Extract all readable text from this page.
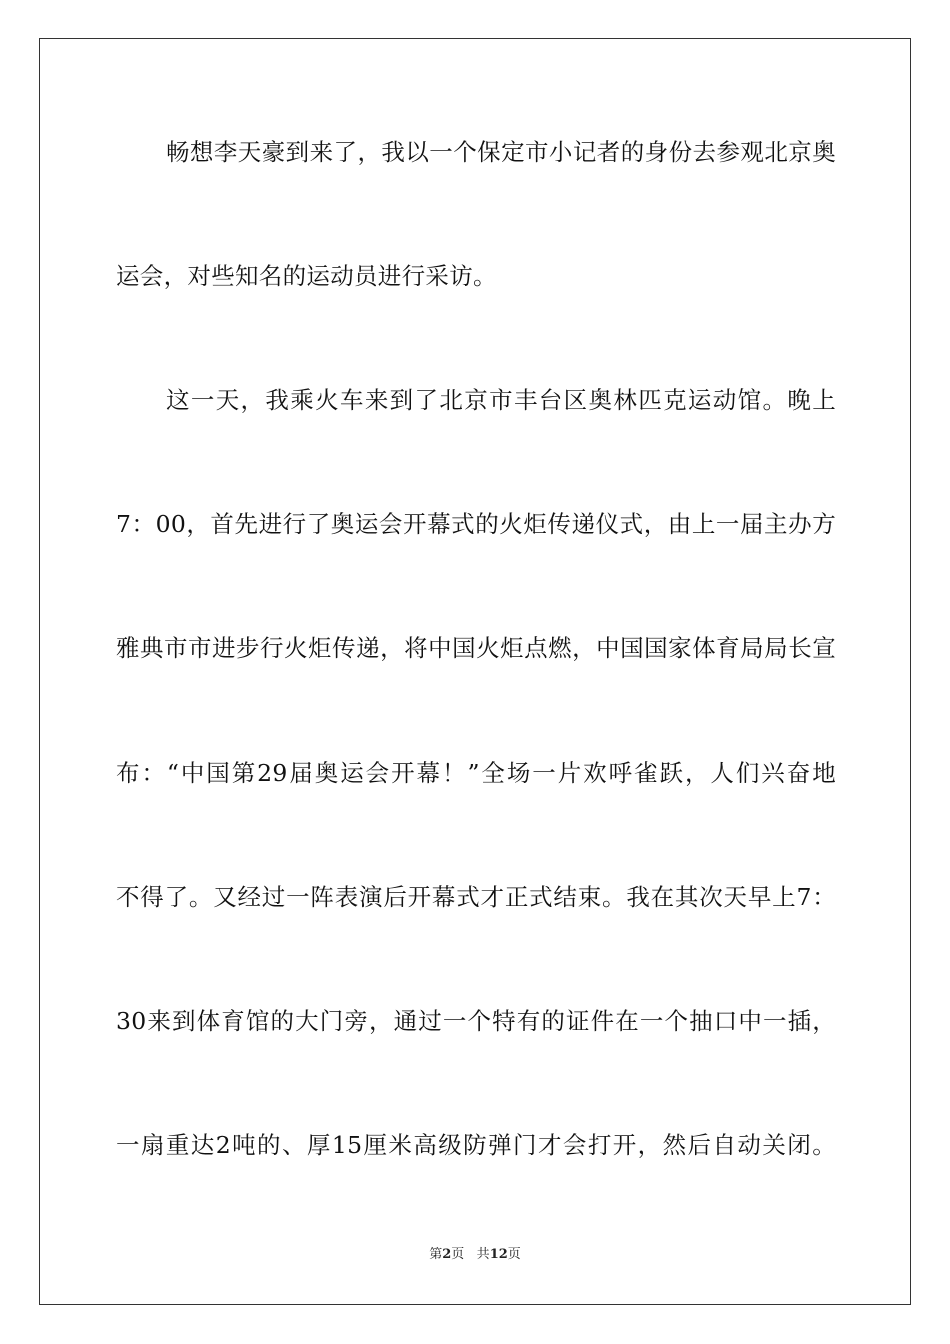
畅想李天豪到来了，我以一个保定市小记者的身份去参观北京奥
运会，对些知名的运动员进行采访。
这一天，我乘火车来到了北京市丰台区奥林匹克运动馆。晚上
7：00，首先进行了奥运会开幕式的火炬传递仪式，由上一届主办方
雅典市市进步行火炬传递，将中国火炬点燃，中国国家体育局局长宣
布：“中国第29届奥运会开幕！”全场一片欢呼雀跃，人们兴奋地
不得了。又经过一阵表演后开幕式才正式结束。我在其次天早上7：
30来到体育馆的大门旁，通过一个特有的证件在一个抽口中一插，
一扇重达2吨的、厚15厘米高级防弹门才会打开，然后自动关闭。
第2页 共12页
